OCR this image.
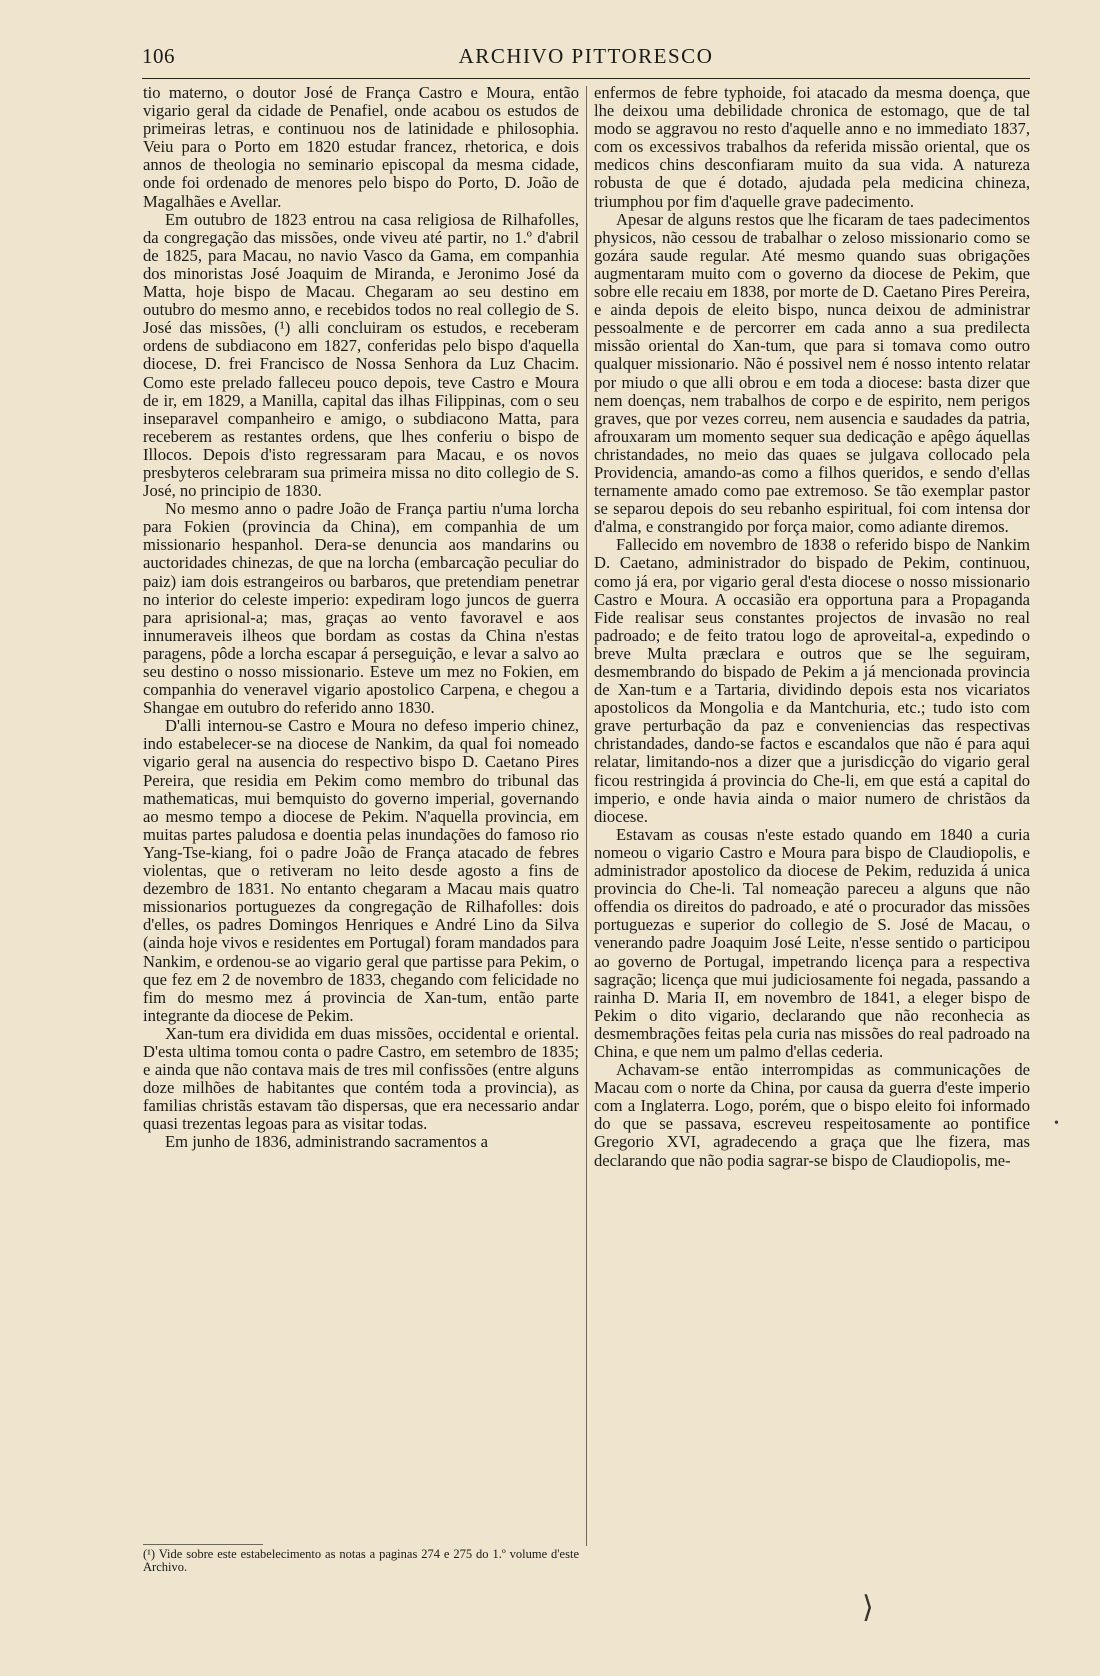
ARCHIVO PITTORESCO
106

tio materno, o doutor José de França Castro e Moura, então vigario geral da cidade de Penafiel, onde acabou os estudos de primeiras letras, e continuou nos de latinidade e philosophia. Veiu para o Porto em 1820 estudar francez, rhetorica, e dois annos de theologia no seminario episcopal da mesma cidade, onde foi ordenado de menores pelo bispo do Porto, D. João de Magalhães e Avellar.

Em outubro de 1823 entrou na casa religiosa de Rilhafolles, da congregação das missões, onde viveu até partir, no 1.º d'abril de 1825, para Macau, no navio Vasco da Gama, em companhia dos minoristas José Joaquim de Miranda, e Jeronimo José da Matta, hoje bispo de Macau. Chegaram ao seu destino em outubro do mesmo anno, e recebidos todos no real collegio de S. José das missões, (¹) alli concluiram os estudos, e receberam ordens de subdiacono em 1827, conferidas pelo bispo d'aquella diocese, D. frei Francisco de Nossa Senhora da Luz Chacim. Como este prelado falleceu pouco depois, teve Castro e Moura de ir, em 1829, a Manilla, capital das ilhas Filippinas, com o seu inseparavel companheiro e amigo, o subdiacono Matta, para receberem as restantes ordens, que lhes conferiu o bispo de Illocos. Depois d'isto regressaram para Macau, e os novos presbyteros celebraram sua primeira missa no dito collegio de S. José, no principio de 1830.

No mesmo anno o padre João de França partiu n'uma lorcha para Fokien (provincia da China), em companhia de um missionario hespanhol. Dera-se denuncia aos mandarins ou auctoridades chinezas, de que na lorcha (embarcação peculiar do paiz) iam dois estrangeiros ou barbaros, que pretendiam penetrar no interior do celeste imperio: expediram logo juncos de guerra para aprisional-a; mas, graças ao vento favoravel e aos innumeraveis ilheos que bordam as costas da China n'estas paragens, pôde a lorcha escapar á perseguição, e levar a salvo ao seu destino o nosso missionario. Esteve um mez no Fokien, em companhia do veneravel vigario apostolico Carpena, e chegou a Shangae em outubro do referido anno 1830.

D'alli internou-se Castro e Moura no defeso imperio chinez, indo estabelecer-se na diocese de Nankim, da qual foi nomeado vigario geral na ausencia do respectivo bispo D. Caetano Pires Pereira, que residia em Pekim como membro do tribunal das mathematicas, mui bemquisto do governo imperial, governando ao mesmo tempo a diocese de Pekim. N'aquella provincia, em muitas partes paludosa e doentia pelas inundações do famoso rio Yang-Tse-kiang, foi o padre João de França atacado de febres violentas, que o retiveram no leito desde agosto a fins de dezembro de 1831. No entanto chegaram a Macau mais quatro missionarios portuguezes da congregação de Rilhafolles: dois d'elles, os padres Domingos Henriques e André Lino da Silva (ainda hoje vivos e residentes em Portugal) foram mandados para Nankim, e ordenou-se ao vigario geral que partisse para Pekim, o que fez em 2 de novembro de 1833, chegando com felicidade no fim do mesmo mez á provincia de Xan-tum, então parte integrante da diocese de Pekim.

Xan-tum era dividida em duas missões, occidental e oriental. D'esta ultima tomou conta o padre Castro, em setembro de 1835; e ainda que não contava mais de tres mil confissões (entre alguns doze milhões de habitantes que contém toda a provincia), as familias christãs estavam tão dispersas, que era necessario andar quasi trezentas legoas para as visitar todas.

Em junho de 1836, administrando sacramentos a

enfermos de febre typhoide, foi atacado da mesma doença, que lhe deixou uma debilidade chronica de estomago, que de tal modo se aggravou no resto d'aquelle anno e no immediato 1837, com os excessivos trabalhos da referida missão oriental, que os medicos chins desconfiaram muito da sua vida. A natureza robusta de que é dotado, ajudada pela medicina chineza, triumphou por fim d'aquelle grave padecimento.

Apesar de alguns restos que lhe ficaram de taes padecimentos physicos, não cessou de trabalhar o zeloso missionario como se gozára saude regular. Até mesmo quando suas obrigações augmentaram muito com o governo da diocese de Pekim, que sobre elle recaiu em 1838, por morte de D. Caetano Pires Pereira, e ainda depois de eleito bispo, nunca deixou de administrar pessoalmente e de percorrer em cada anno a sua predilecta missão oriental do Xan-tum, que para si tomava como outro qualquer missionario. Não é possivel nem é nosso intento relatar por miudo o que alli obrou e em toda a diocese: basta dizer que nem doenças, nem trabalhos de corpo e de espirito, nem perigos graves, que por vezes correu, nem ausencia e saudades da patria, afrouxaram um momento sequer sua dedicação e apêgo áquellas christandades, no meio das quaes se julgava collocado pela Providencia, amando-as como a filhos queridos, e sendo d'ellas ternamente amado como pae extremoso. Se tão exemplar pastor se separou depois do seu rebanho espiritual, foi com intensa dor d'alma, e constrangido por força maior, como adiante diremos.

Fallecido em novembro de 1838 o referido bispo de Nankim D. Caetano, administrador do bispado de Pekim, continuou, como já era, por vigario geral d'esta diocese o nosso missionario Castro e Moura. A occasião era opportuna para a Propaganda Fide realisar seus constantes projectos de invasão no real padroado; e de feito tratou logo de aproveital-a, expedindo o breve Multa præclara e outros que se lhe seguiram, desmembrando do bispado de Pekim a já mencionada provincia de Xan-tum e a Tartaria, dividindo depois esta nos vicariatos apostolicos da Mongolia e da Mantchuria, etc.; tudo isto com grave perturbação da paz e conveniencias das respectivas christandades, dando-se factos e escandalos que não é para aqui relatar, limitando-nos a dizer que a jurisdicção do vigario geral ficou restringida á provincia do Che-li, em que está a capital do imperio, e onde havia ainda o maior numero de christãos da diocese.

Estavam as cousas n'este estado quando em 1840 a curia nomeou o vigario Castro e Moura para bispo de Claudiopolis, e administrador apostolico da diocese de Pekim, reduzida á unica provincia do Che-li. Tal nomeação pareceu a alguns que não offendia os direitos do padroado, e até o procurador das missões portuguezas e superior do collegio de S. José de Macau, o venerando padre Joaquim José Leite, n'esse sentido o participou ao governo de Portugal, impetrando licença para a respectiva sagração; licença que mui judiciosamente foi negada, passando a rainha D. Maria II, em novembro de 1841, a eleger bispo de Pekim o dito vigario, declarando que não reconhecia as desmembrações feitas pela curia nas missões do real padroado na China, e que nem um palmo d'ellas cederia.

Achavam-se então interrompidas as communicações de Macau com o norte da China, por causa da guerra d'este imperio com a Inglaterra. Logo, porém, que o bispo eleito foi informado do que se passava, escreveu respeitosamente ao pontifice Gregorio XVI, agradecendo a graça que lhe fizera, mas declarando que não podia sagrar-se bispo de Claudiopolis, me-

(¹) Vide sobre este estabelecimento as notas a paginas 274 e 275 do 1.º volume d'este Archivo.
•
⟩
